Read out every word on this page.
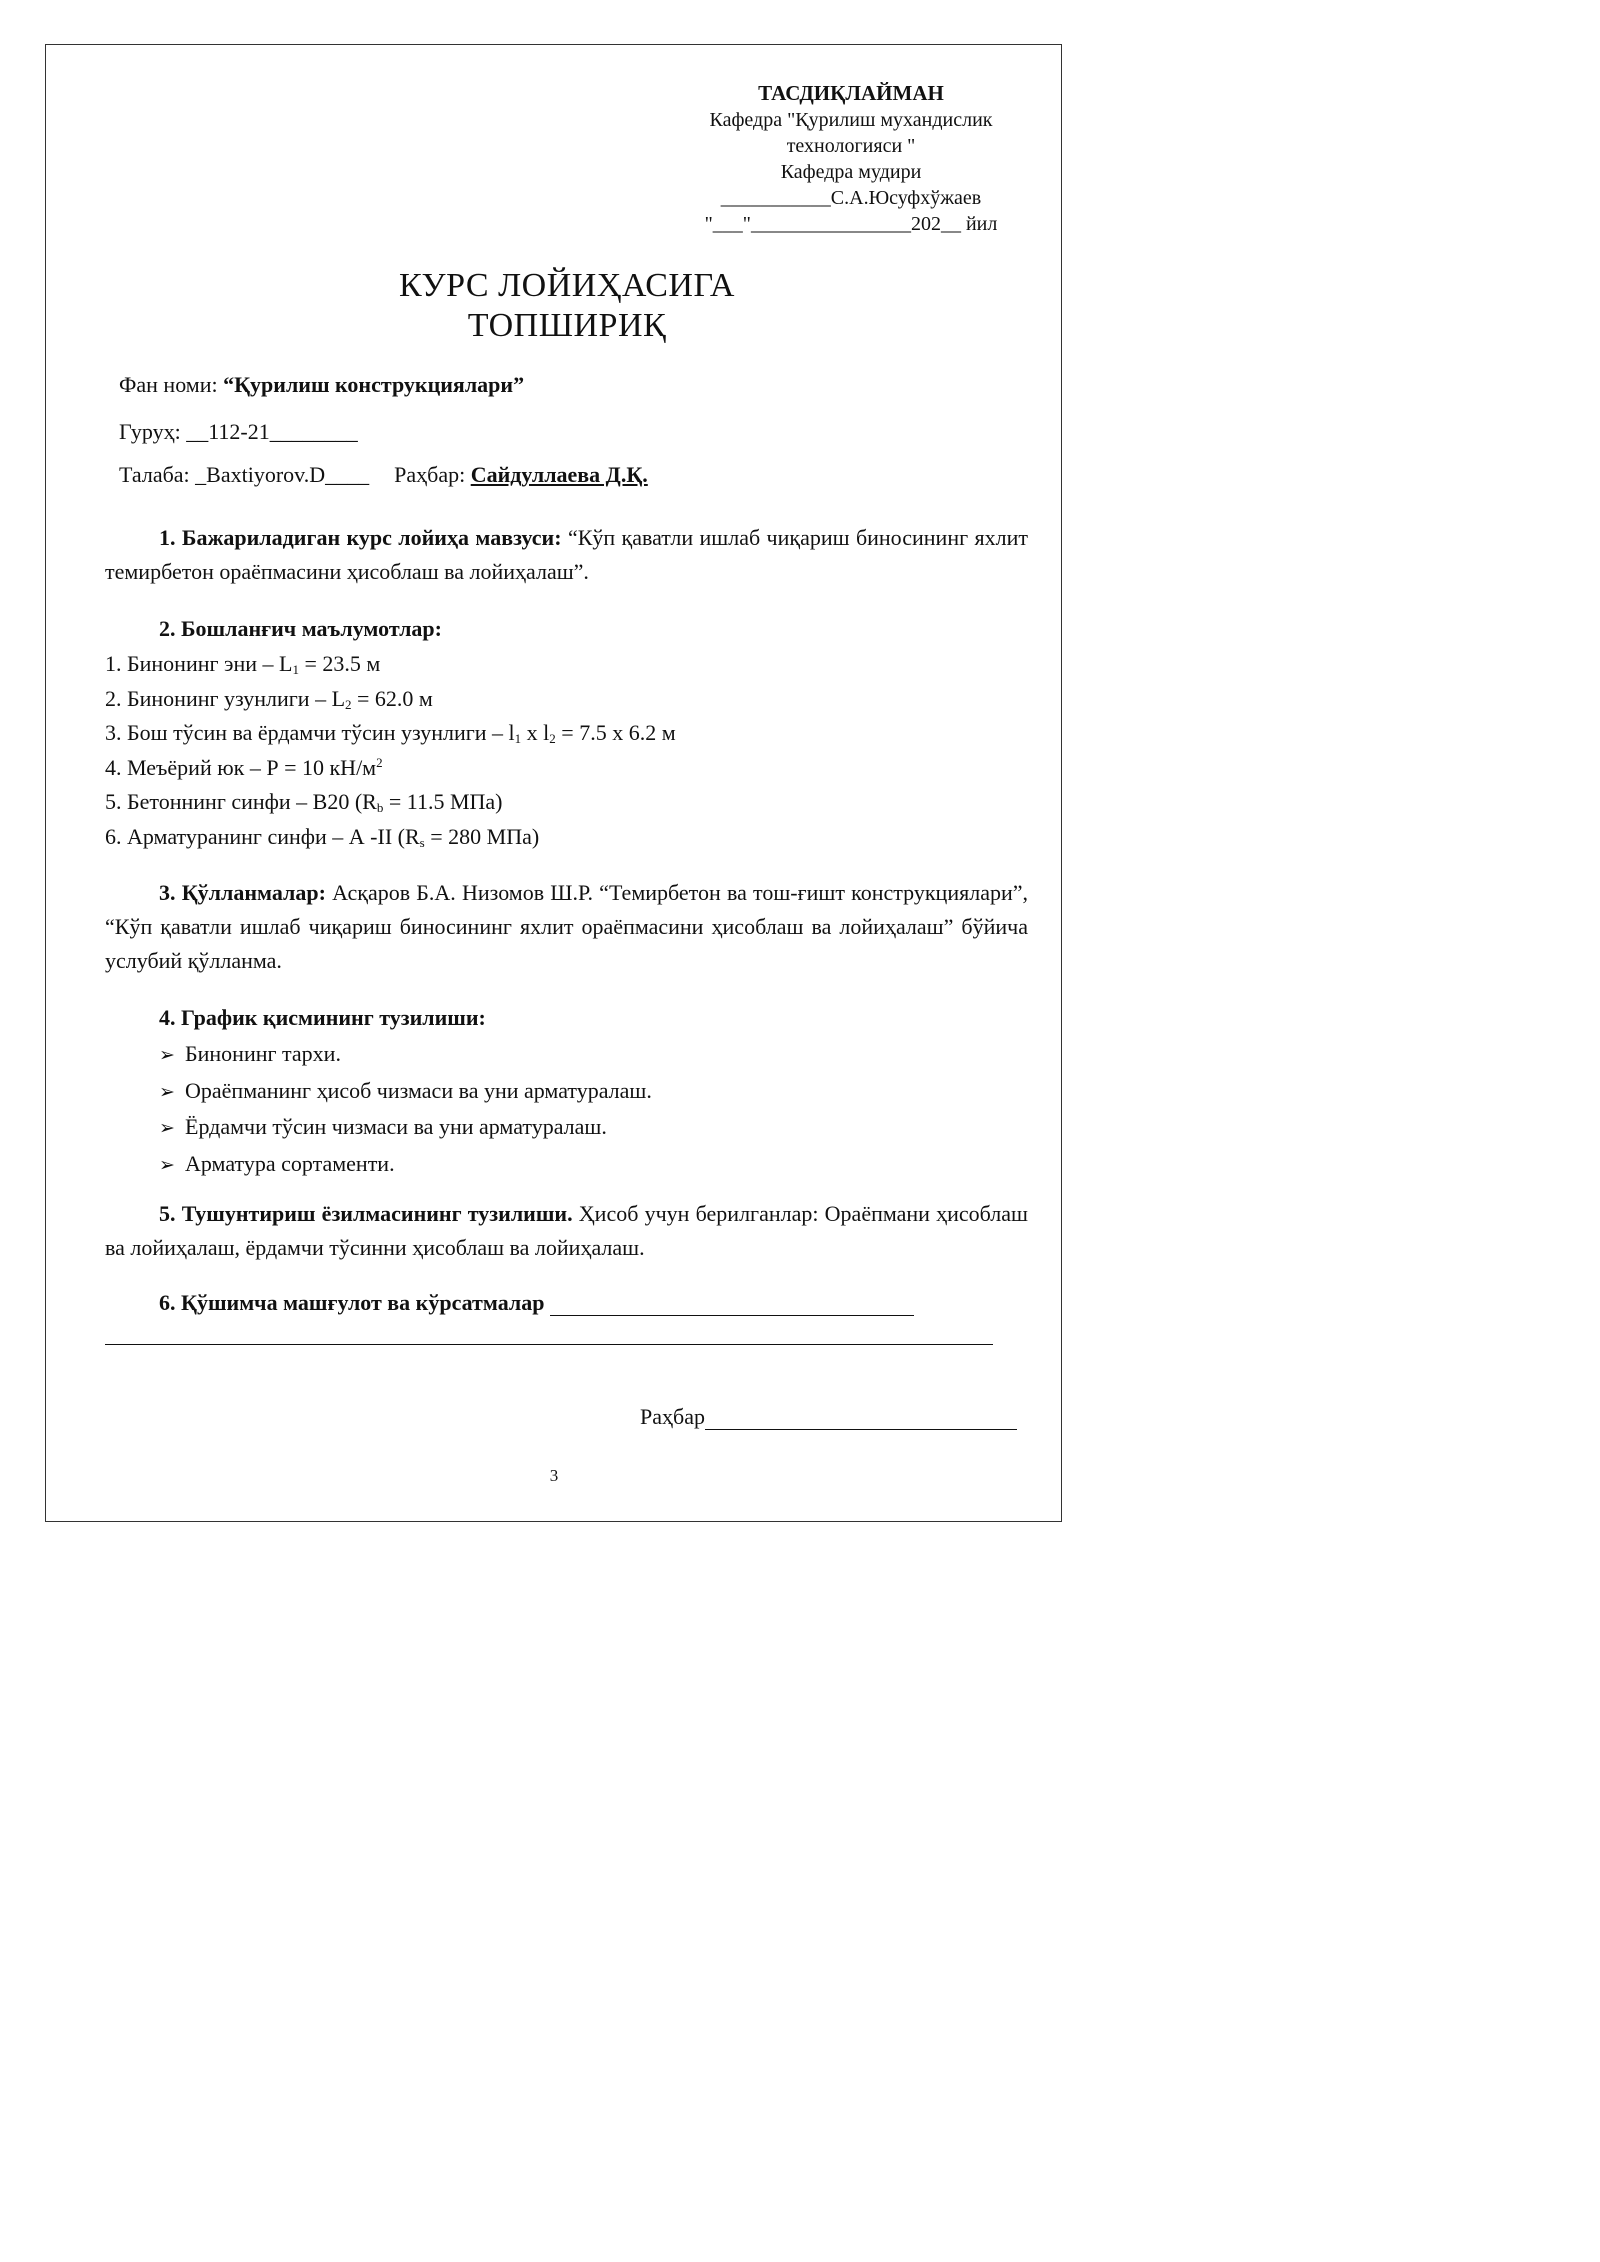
ТАСДИҚЛАЙМАН
Кафедра "Қурилиш мухандислик
технологияси "
Кафедра мудири
___________С.А.Юсуфхўжаев
"___"________________202__ йил
КУРС ЛОЙИҲАСИГА
ТОПШИРИҚ
Фан номи: “Қурилиш конструкциялари”
Гуруҳ: __112-21________
Талаба: _Baxtiyorov.D____ Раҳбар: Сайдуллаева Д.Қ.
1. Бажариладиган курс лойиҳа мавзуси: “Кўп қаватли ишлаб чиқариш биносининг яхлит темирбетон ораёпмасини ҳисоблаш ва лойиҳалаш”.
2. Бошланғич маълумотлар:
1. Бинонинг эни – $L_1 = 23.5$ м
2. Бинонинг узунлиги – $L_2 = 62.0$ м
3. Бош тўсин ва ёрдамчи тўсин узунлиги – $l_1$ x $l_2 = 7.5$ x 6.2 м
4. Меъёрий юк – Р = 10 $кН/м^2$
5. Бетоннинг синфи – В20 ($R_b = 11.5$ МПа)
6. Арматуранинг синфи – А -II ($R_s = 280$ МПа)
3. Қўлланмалар: Асқаров Б.А. Низомов Ш.Р. “Темирбетон ва тош-ғишт конструкциялари”, “Кўп қаватли ишлаб чиқариш биносининг яхлит ораёпмасини ҳисоблаш ва лойиҳалаш” бўйича услубий қўлланма.
4. График қисмининг тузилиши:
➢ Бинонинг тархи.
➢ Ораёпманинг ҳисоб чизмаси ва уни арматуралаш.
➢ Ёрдамчи тўсин чизмаси ва уни арматуралаш.
➢ Арматура сортаменти.
5. Тушунтириш ёзилмасининг тузилиши. Ҳисоб учун берилганлар: Ораёпмани ҳисоблаш ва лойиҳалаш, ёрдамчи тўсинни ҳисоблаш ва лойиҳалаш.
6. Қўшимча машғулот ва кўрсатмалар
Раҳбар
3
